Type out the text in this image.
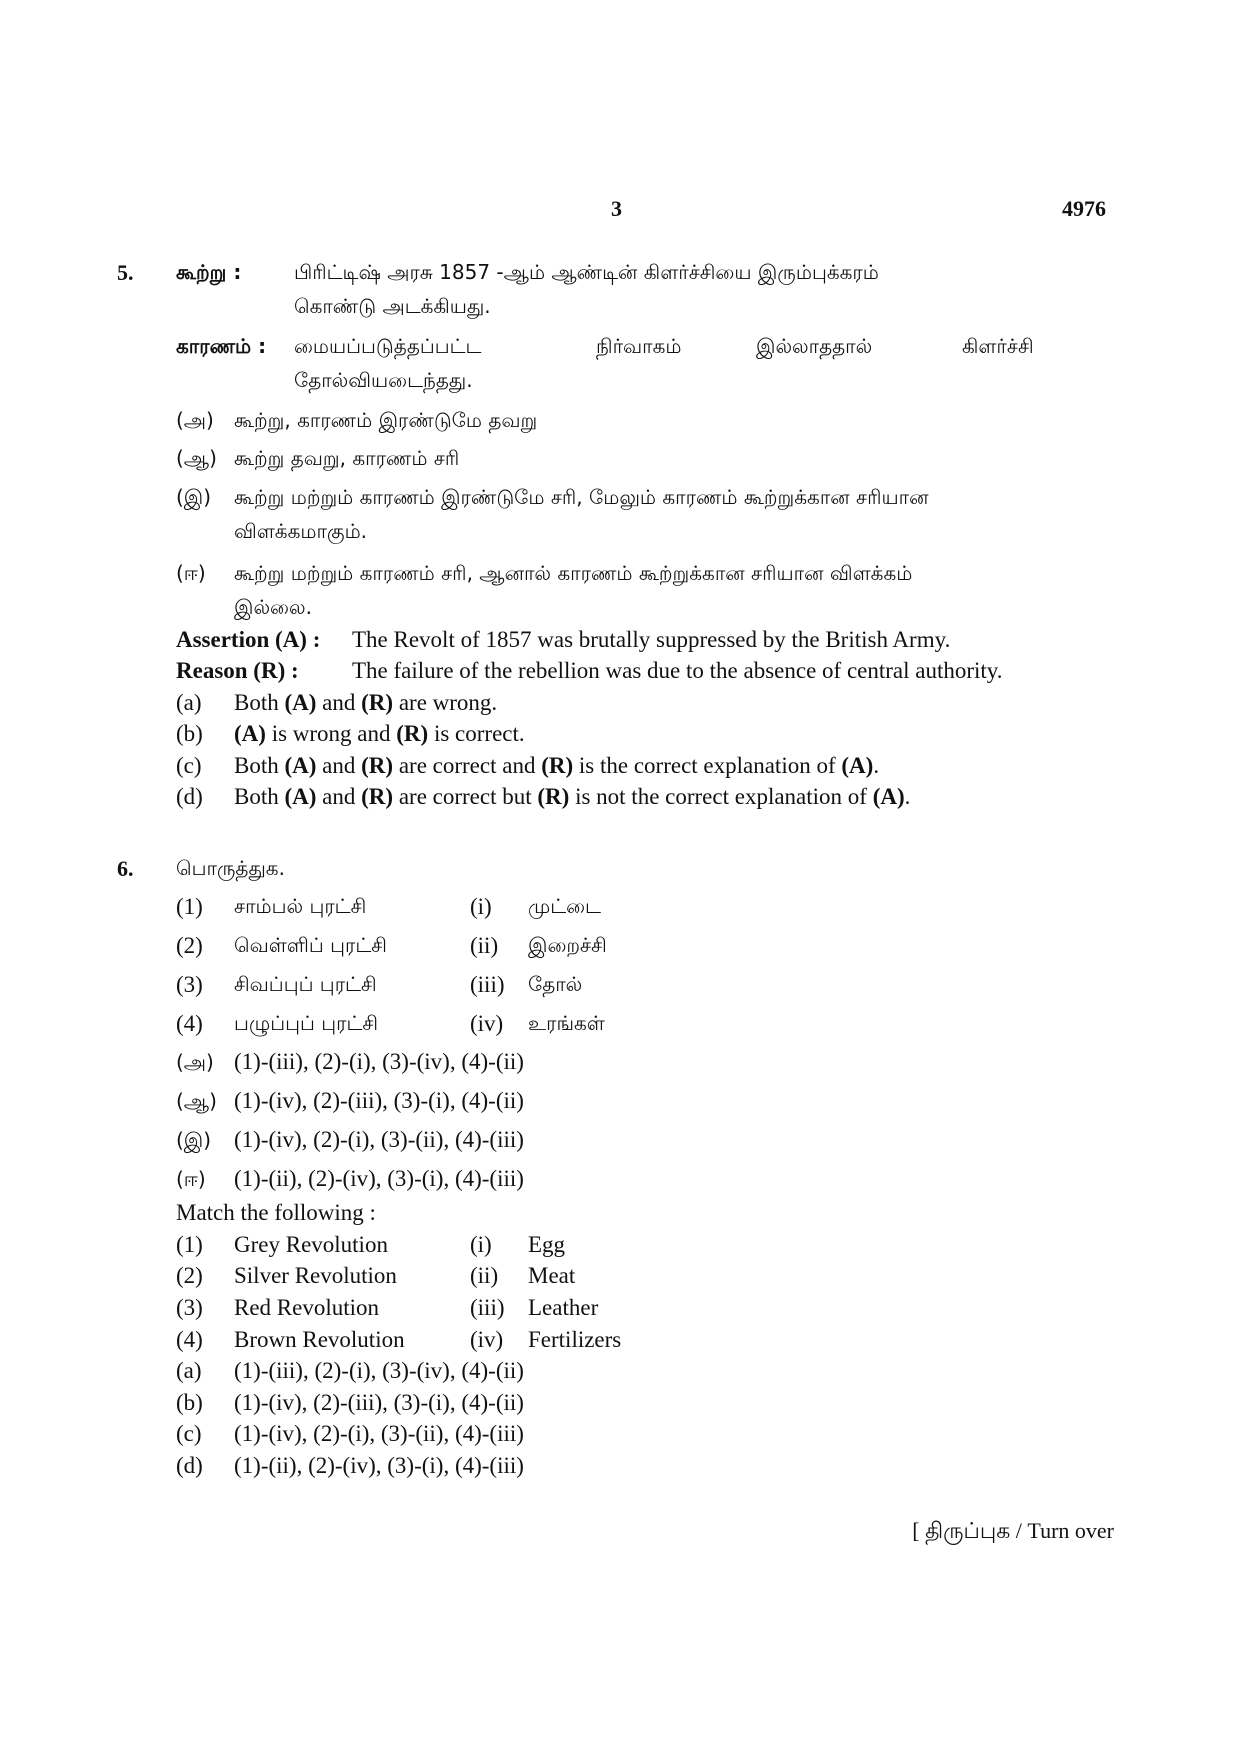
3	4976
5. கூற்று :	பிரிட்டிஷ் அரசு 1857 -ஆம் ஆண்டின் கிளர்ச்சியை இரும்புக்கரம்
கொண்டு அடக்கியது.
காரணம் : மையப்படுத்தப்பட்ட	நிர்வாகம்	இல்லாததால்	கிளர்ச்சி
தோல்வியடைந்தது.
(அ) கூற்று, காரணம் இரண்டுமே தவறு
(ஆ) கூற்று தவறு, காரணம் சரி
(இ) கூற்று மற்றும் காரணம் இரண்டுமே சரி, மேலும் காரணம் கூற்றுக்கான சரியான
விளக்கமாகும்.
(ஈ) கூற்று மற்றும் காரணம் சரி, ஆனால் காரணம் கூற்றுக்கான சரியான விளக்கம்
இல்லை.
Assertion (A) : The Revolt of 1857 was brutally suppressed by the British Army.
Reason (R) : The failure of the rebellion was due to the absence of central authority.
(a) Both (A) and (R) are wrong.
(b) (A) is wrong and (R) is correct.
(c) Both (A) and (R) are correct and (R) is the correct explanation of (A).
(d) Both (A) and (R) are correct but (R) is not the correct explanation of (A).
6. பொருத்துக.
(1) சாம்பல் புரட்சி	(i) முட்டை
(2) வெள்ளிப் புரட்சி	(ii) இறைச்சி
(3) சிவப்புப் புரட்சி	(iii) தோல்
(4) பழுப்புப் புரட்சி	(iv) உரங்கள்
(அ) (1)-(iii), (2)-(i), (3)-(iv), (4)-(ii)
(ஆ) (1)-(iv), (2)-(iii), (3)-(i), (4)-(ii)
(இ) (1)-(iv), (2)-(i), (3)-(ii), (4)-(iii)
(ஈ) (1)-(ii), (2)-(iv), (3)-(i), (4)-(iii)
Match the following :
(1) Grey Revolution	(i) Egg
(2) Silver Revolution	(ii) Meat
(3) Red Revolution	(iii) Leather
(4) Brown Revolution	(iv) Fertilizers
(a) (1)-(iii), (2)-(i), (3)-(iv), (4)-(ii)
(b) (1)-(iv), (2)-(iii), (3)-(i), (4)-(ii)
(c) (1)-(iv), (2)-(i), (3)-(ii), (4)-(iii)
(d) (1)-(ii), (2)-(iv), (3)-(i), (4)-(iii)
[ திருப்புக / Turn over
